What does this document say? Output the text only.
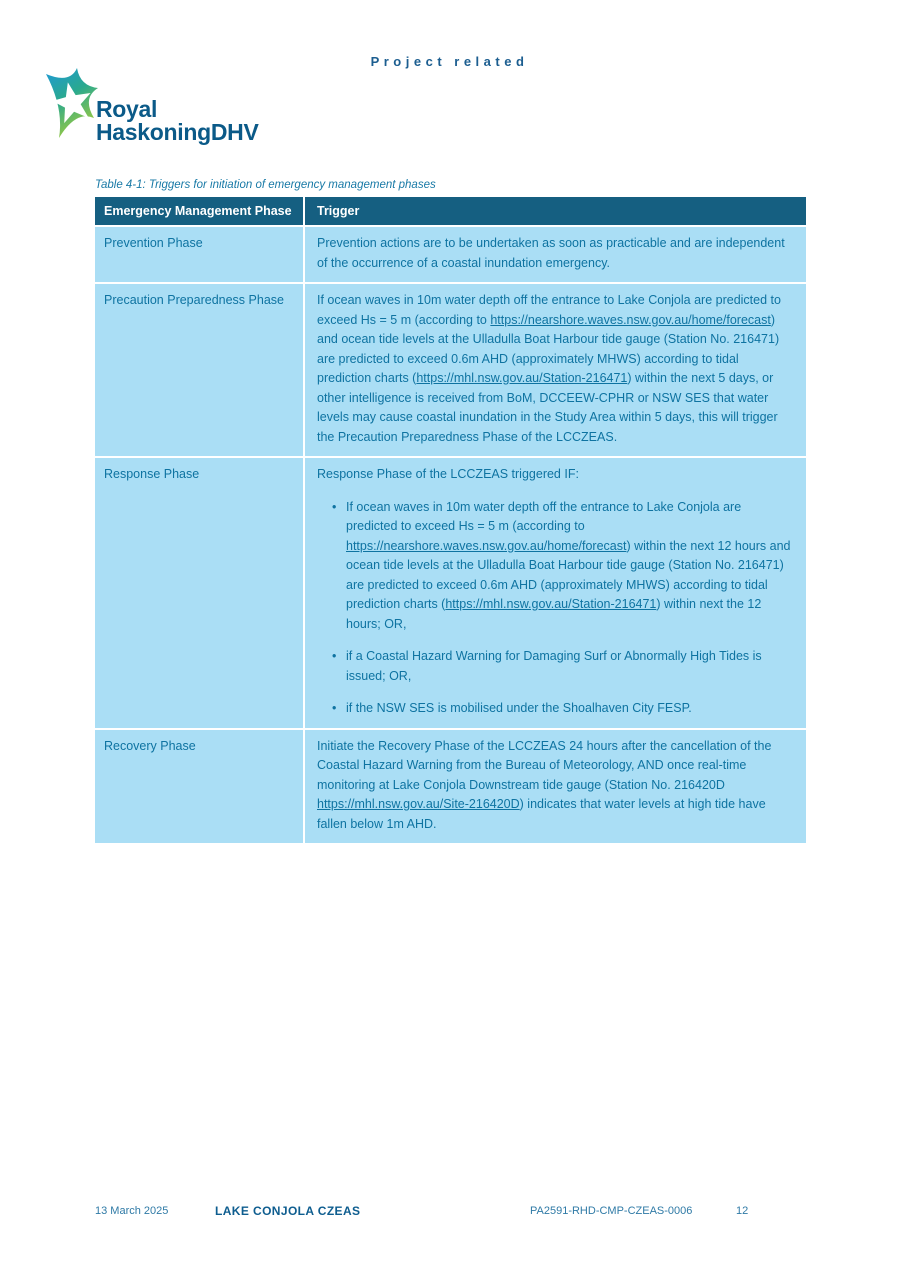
Project related
Royal
HaskoningDHV
Table 4-1: Triggers for initiation of emergency management phases
Emergency Management Phase	Trigger
Prevention Phase	Prevention actions are to be undertaken as soon as practicable and are independent of the occurrence of a coastal inundation emergency.
Precaution Preparedness Phase	If ocean waves in 10m water depth off the entrance to Lake Conjola are predicted to exceed Hs = 5 m (according to https://nearshore.waves.nsw.gov.au/home/forecast) and ocean tide levels at the Ulladulla Boat Harbour tide gauge (Station No. 216471) are predicted to exceed 0.6m AHD (approximately MHWS) according to tidal prediction charts (https://mhl.nsw.gov.au/Station-216471) within the next 5 days, or other intelligence is received from BoM, DCCEEW-CPHR or NSW SES that water levels may cause coastal inundation in the Study Area within 5 days, this will trigger the Precaution Preparedness Phase of the LCCZEAS.
Response Phase	Response Phase of the LCCZEAS triggered IF:
• If ocean waves in 10m water depth off the entrance to Lake Conjola are predicted to exceed Hs = 5 m (according to https://nearshore.waves.nsw.gov.au/home/forecast) within the next 12 hours and ocean tide levels at the Ulladulla Boat Harbour tide gauge (Station No. 216471) are predicted to exceed 0.6m AHD (approximately MHWS) according to tidal prediction charts (https://mhl.nsw.gov.au/Station-216471) within next the 12 hours; OR,
• if a Coastal Hazard Warning for Damaging Surf or Abnormally High Tides is issued; OR,
• if the NSW SES is mobilised under the Shoalhaven City FESP.
Recovery Phase	Initiate the Recovery Phase of the LCCZEAS 24 hours after the cancellation of the Coastal Hazard Warning from the Bureau of Meteorology, AND once real-time monitoring at Lake Conjola Downstream tide gauge (Station No. 216420D https://mhl.nsw.gov.au/Site-216420D) indicates that water levels at high tide have fallen below 1m AHD.
13 March 2025	LAKE CONJOLA CZEAS	PA2591-RHD-CMP-CZEAS-0006	12
